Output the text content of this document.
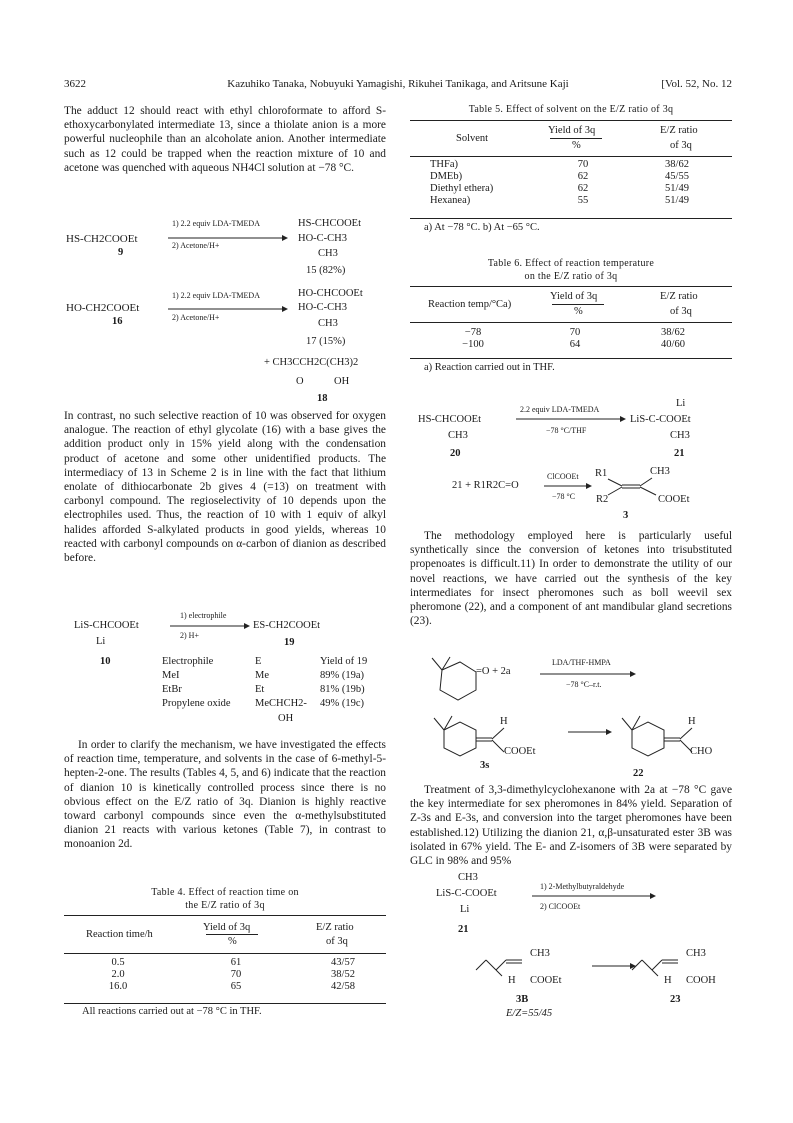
3622	Kazuhiko Tanaka, Nobuyuki Yamagishi, Rikuhei Tanikaga, and Aritsune Kaji	[Vol. 52, No. 12

The adduct 12 should react with ethyl chloroformate to afford S-ethoxycarbonylated intermediate 13, since a thiolate anion is a more powerful nucleophile than an alcoholate anion. Another intermediate such as 12 could be trapped when the reaction mixture of 10 and acetone was quenched with aqueous NH4Cl solution at −78 °C.

HS-CH2COOEt
9
1) 2.2 equiv LDA-TMEDA
2) Acetone/H+
HS-CHCOOEt
HO-C-CH3
CH3
15 (82%)
HO-CH2COOEt
16
1) 2.2 equiv LDA-TMEDA
2) Acetone/H+
HO-CHCOOEt
HO-C-CH3
CH3
17 (15%)
+ CH3CCH2C(CH3)2
O	OH
18

In contrast, no such selective reaction of 10 was observed for oxygen analogue. The reaction of ethyl glycolate (16) with a base gives the addition product only in 15% yield along with the condensation product of acetone and some other unidentified products. The intermediacy of 13 in Scheme 2 is in line with the fact that lithium enolate of dithiocarbonate 2b gives 4 (=13) on treatment with carbonyl compound. The regioselectivity of 10 depends upon the electrophiles used. Thus, the reaction of 10 with 1 equiv of alkyl halides afforded S-alkylated products in good yields, whereas 10 reacted with carbonyl compounds on α-carbon of dianion as described before.

LiS-CHCOOEt
Li
1) electrophile
2) H+
ES-CH2COOEt
19
10	Electrophile	E	Yield of 19
MeI	Me	89% (19a)
EtBr	Et	81% (19b)
Propylene oxide MeCHCH2- 49% (19c)
OH

In order to clarify the mechanism, we have investigated the effects of reaction time, temperature, and solvents in the case of 6-methyl-5-hepten-2-one. The results (Tables 4, 5, and 6) indicate that the reaction of dianion 10 is kinetically controlled process since there is no obvious effect on the E/Z ratio of 3q. Dianion is highly reactive toward carbonyl compounds since even the α-methylsubstituted dianion 21 reacts with various ketones (Table 7), in contrast to monoanion 2d.

Table 4. Effect of reaction time on
the E/Z ratio of 3q
Reaction time/h
Yield of 3q
%
E/Z ratio
of 3q
0.5	61	43/57
2.0	70	38/52
16.0	65	42/58
All reactions carried out at −78 °C in THF.
Table 5. Effect of solvent on the E/Z ratio of 3q
Solvent
Yield of 3q
%
E/Z ratio
of 3q
THFa)	70	38/62
DMEb)	62	45/55
Diethyl ethera)	62	51/49
Hexanea)	55	51/49
a) At −78 °C. b) At −65 °C.
Table 6. Effect of reaction temperature
on the E/Z ratio of 3q
Reaction temp/°Ca)
Yield of 3q
%
E/Z ratio
of 3q
−78	70	38/62
−100	64	40/60
a) Reaction carried out in THF.
Li
HS-CHCOOEt
CH3
20
2.2 equiv LDA-TMEDA
−78 °C/THF
LiS-C-COOEt
CH3
21
21 + R1R2C=O
ClCOOEt
−78 °C
R1
R2
CH3
COOEt
3

The methodology employed here is particularly useful synthetically since the conversion of ketones into trisubstituted propenoates is difficult.11) In order to demonstrate the utility of our novel reactions, we have carried out the synthesis of the key intermediates for insect pheromones such as boll weevil sex pheromone (22), and a component of ant mandibular gland secretions (23).

=O + 2a
LDA/THF-HMPA
−78 °C–r.t.
H
COOEt
3s
H
CHO
22

Treatment of 3,3-dimethylcyclohexanone with 2a at −78 °C gave the key intermediate for sex pheromones in 84% yield. Separation of Z-3s and E-3s, and conversion into the target pheromones have been established.12) Utilizing the dianion 21, α,β-unsaturated ester 3B was isolated in 67% yield. The E- and Z-isomers of 3B were separated by GLC in 98% and 95%

CH3
LiS-C-COOEt
Li
21
1) 2-Methylbutyraldehyde
2) ClCOOEt
CH3
H COOEt
3B
E/Z=55/45
CH3
H COOH
23
